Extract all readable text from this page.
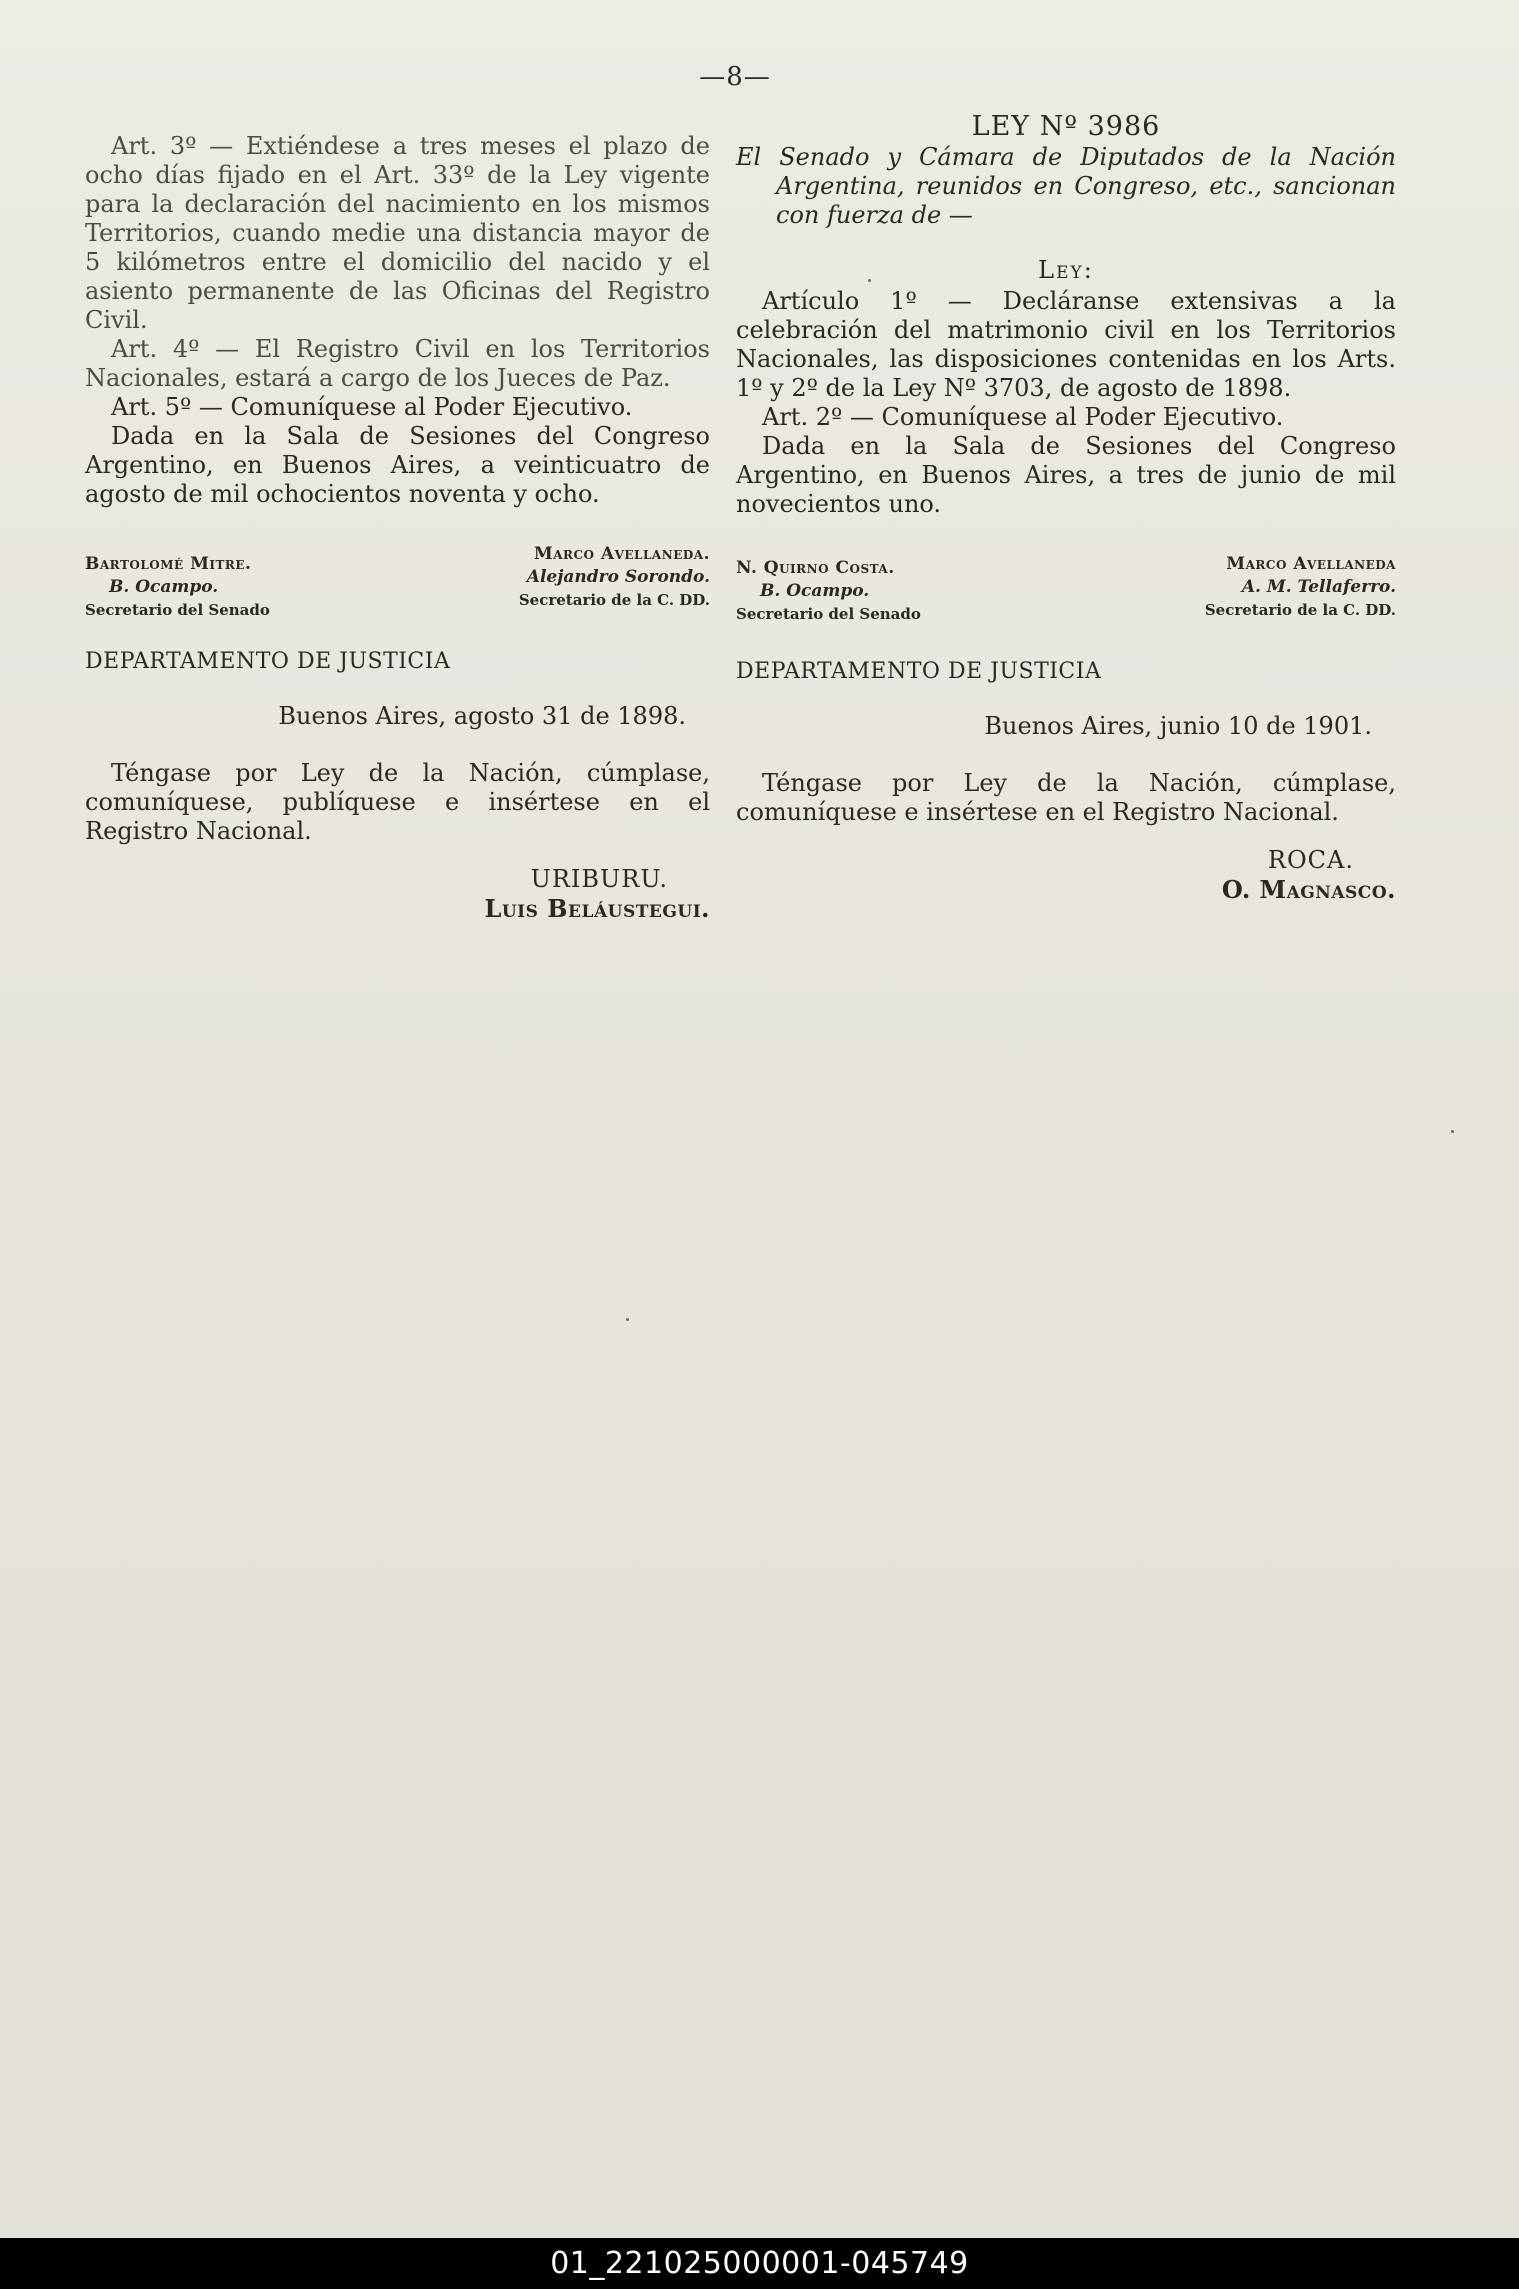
—8—

Art. 3º — Extiéndese a tres meses el plazo de ocho días fijado en el Art. 33º de la Ley vigente para la declaración del nacimiento en los mismos Territorios, cuando medie una distancia mayor de 5 kilómetros entre el domicilio del nacido y el asiento permanente de las Oficinas del Registro Civil.

Art. 4º — El Registro Civil en los Territorios Nacionales, estará a cargo de los Jueces de Paz.

Art. 5º — Comuníquese al Poder Ejecutivo.

Dada en la Sala de Sesiones del Congreso Argentino, en Buenos Aires, a veinticuatro de agosto de mil ochocientos noventa y ocho.

Bartolomé Mitre.
B. Ocampo.
Secretario del Senado
Marco Avellaneda.
Alejandro Sorondo.
Secretario de la C. DD.
DEPARTAMENTO DE JUSTICIA
Buenos Aires, agosto 31 de 1898.

Téngase por Ley de la Nación, cúmplase, comuníquese, publíquese e insértese en el Registro Nacional.

URIBURU.
Luis Beláustegui.
LEY Nº 3986

El Senado y Cámara de Diputados de la Nación Argentina, reunidos en Congreso, etc., sancionan con fuerza de —

Ley:

Artículo 1º — Decláranse extensivas a la celebración del matrimonio civil en los Territorios Nacionales, las disposiciones contenidas en los Arts. 1º y 2º de la Ley Nº 3703, de agosto de 1898.

Art. 2º — Comuníquese al Poder Ejecutivo.

Dada en la Sala de Sesiones del Congreso Argentino, en Buenos Aires, a tres de junio de mil novecientos uno.

N. Quirno Costa.
B. Ocampo.
Secretario del Senado
Marco Avellaneda
A. M. Tellaferro.
Secretario de la C. DD.
DEPARTAMENTO DE JUSTICIA
Buenos Aires, junio 10 de 1901.

Téngase por Ley de la Nación, cúmplase, comuníquese e insértese en el Registro Nacional.

ROCA.
O. Magnasco.
01_221025000001-045749
